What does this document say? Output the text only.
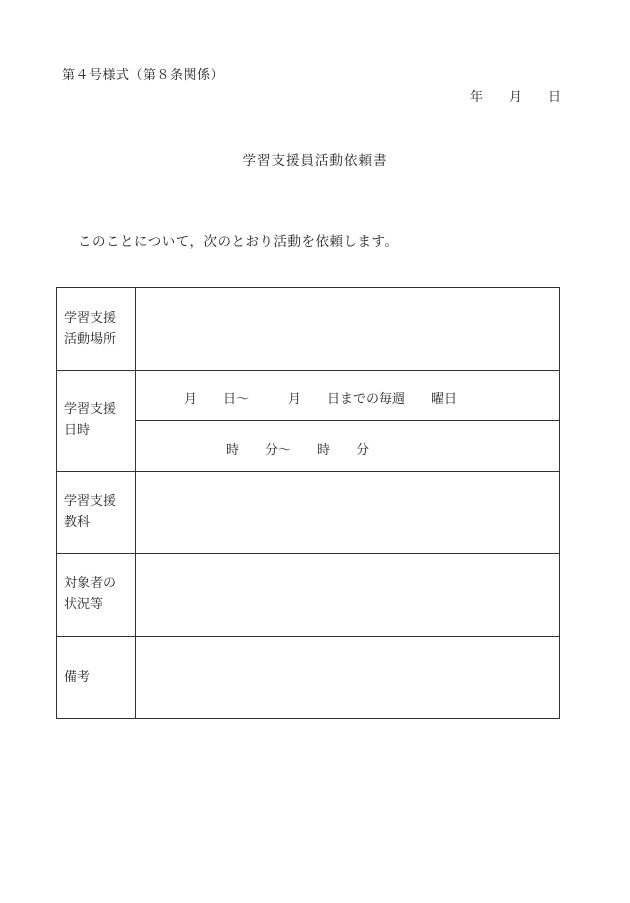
第４号様式（第８条関係）
年　　月　　日
学習支援員活動依頼書
このことについて，次のとおり活動を依頼します。
学習支援
活動場所
学習支援
日時
学習支援
教科
対象者の
状況等
備考
月　　日～　　　月　　日までの毎週　　曜日
時　　分～　　時　　分
